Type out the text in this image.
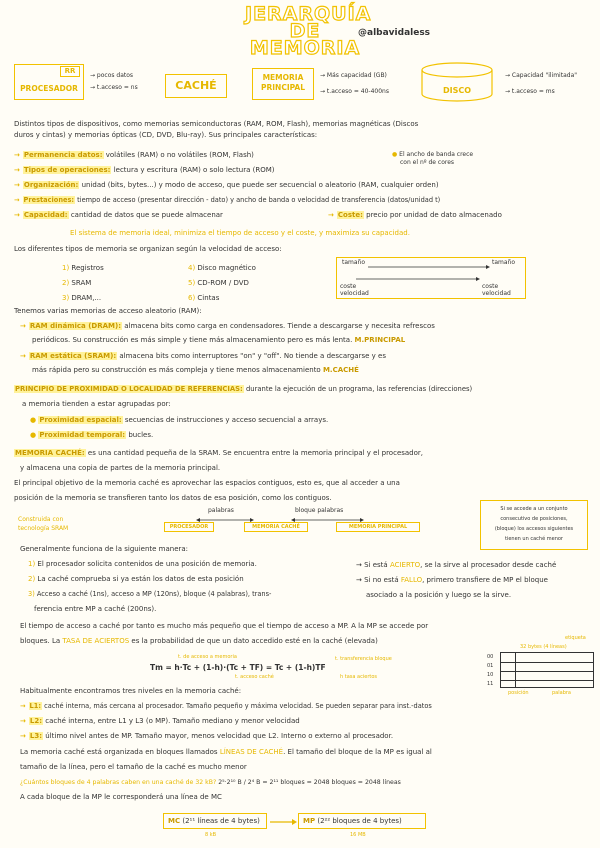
JERARQUÍA
DE MEMORIA
@albavidaless
RR
PROCESADOR
→ pocos datos
→ t.acceso = ns	CACHÉ
MEMORIA
PRINCIPAL
→ Más capacidad (GB)
→ t.acceso = 40-400ns	DISCO
→ Capacidad "ilimitada"
→ t.acceso = ms
Distintos tipos de dispositivos, como memorias semiconductoras (RAM, ROM, Flash), memorias magnéticas (Discos
duros y cintas) y memorias ópticas (CD, DVD, Blu-ray). Sus principales características:
→ Permanencia datos: volátiles (RAM) o no volátiles (ROM, Flash)
→ Tipos de operaciones: lectura y escritura (RAM) o solo lectura (ROM)
→ Organización: unidad (bits, bytes...) y modo de acceso, que puede ser secuencial o aleatorio (RAM, cualquier orden)
→ Prestaciones: tiempo de acceso (presentar dirección - dato) y ancho de banda o velocidad de transferencia (datos/unidad t)
→ Capacidad: cantidad de datos que se puede almacenar
● El ancho de banda crece
con el nº de cores
→ Coste: precio por unidad de dato almacenado
El sistema de memoria ideal, minimiza el tiempo de acceso y el coste, y maximiza su capacidad.
Los diferentes tipos de memoria se organizan según la velocidad de acceso:
1) Registros
2) SRAM
3) DRAM,...
4) Disco magnético
5) CD-ROM / DVD
6) Cintas
tamaño	tamaño
coste
velocidad
coste
velocidad
Tenemos varias memorias de acceso aleatorio (RAM):
→ RAM dinámica (DRAM): almacena bits como carga en condensadores. Tiende a descargarse y necesita refrescos
periódicos. Su construcción es más simple y tiene más almacenamiento pero es más lenta. M.PRINCIPAL
→ RAM estática (SRAM): almacena bits como interruptores "on" y "off". No tiende a descargarse y es
más rápida pero su construcción es más compleja y tiene menos almacenamiento M.CACHÉ
PRINCIPIO DE PROXIMIDAD O LOCALIDAD DE REFERENCIAS: durante la ejecución de un programa, las referencias (direcciones)
a memoria tienden a estar agrupadas por:
● Proximidad espacial: secuencias de instrucciones y acceso secuencial a arrays.
● Proximidad temporal: bucles.
MEMORIA CACHÉ: es una cantidad pequeña de la SRAM. Se encuentra entre la memoria principal y el procesador,
y almacena una copia de partes de la memoria principal.
El principal objetivo de la memoria caché es aprovechar las espacios contiguos, esto es, que al acceder a una
posición de la memoria se transfieren tanto los datos de esa posición, como los contiguos.
Si se accede a un conjunto
consecutivo de posiciones,
(bloque) los accesos siguientes
tienen un caché menor
Construida con
tecnología SRAM
palabras	bloque palabras
PROCESADOR	MEMORIA CACHÉ	MEMORIA PRINCIPAL
Generalmente funciona de la siguiente manera:
1) El procesador solicita contenidos de una posición de memoria.
2) La caché comprueba si ya están los datos de esta posición
3) Acceso a caché (1ns), acceso a MP (120ns), bloque (4 palabras), trans-
ferencia entre MP a caché (200ns).
→ Si está ACIERTO, se la sirve al procesador desde caché
→ Si no está FALLO, primero transfiere de MP el bloque
asociado a la posición y luego se la sirve.
El tiempo de acceso a caché por tanto es mucho más pequeño que el tiempo de acceso a MP. A la MP se accede por
bloques. La TASA DE ACIERTOS es la probabilidad de que un dato accedido esté en la caché (elevada)
t. de acceso a memoria	t. transferencia bloque
Tm = h·Tc + (1-h)·(Tc + TF) = Tc + (1-h)TF
t. acceso caché	h tasa aciertos
32 bytes (4 líneas)
etiqueta
00
01
10
11
posición	palabra
Habitualmente encontramos tres niveles en la memoria caché:
→ L1: caché interna, más cercana al procesador. Tamaño pequeño y máxima velocidad. Se pueden separar para inst.-datos
→ L2: caché interna, entre L1 y L3 (o MP). Tamaño mediano y menor velocidad
→ L3: último nivel antes de MP. Tamaño mayor, menos velocidad que L2. Interno o externo al procesador.
La memoria caché está organizada en bloques llamados LÍNEAS DE CACHÉ. El tamaño del bloque de la MP es igual al
tamaño de la línea, pero el tamaño de la caché es mucho menor
¿Cuántos bloques de 4 palabras caben en una caché de 32 kB? 2⁵·2¹⁰ B / 2⁴ B = 2¹¹ bloques = 2048 bloques = 2048 líneas
A cada bloque de la MP le corresponderá una línea de MC
MC (2¹¹ líneas de 4 bytes)	MP (2²² bloques de 4 bytes)
8 kB	16 MB
